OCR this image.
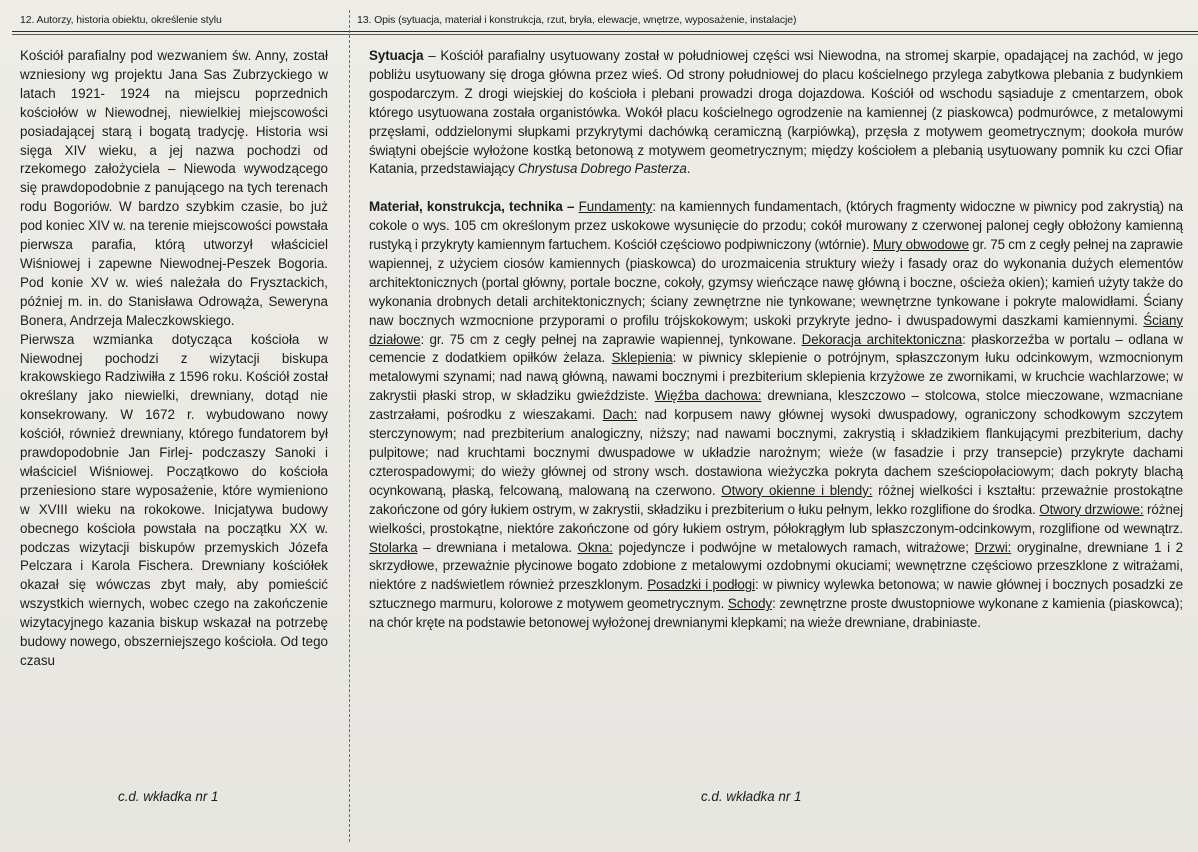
12. Autorzy, historia obiektu, określenie stylu	13. Opis (sytuacja, materiał i konstrukcja, rzut, bryła, elewacje, wnętrze, wyposażenie, instalacje)

Kościół parafialny pod wezwaniem św. Anny, został wzniesiony wg projektu Jana Sas Zubrzyckiego w latach 1921- 1924 na miejscu poprzednich kościołów w Niewodnej, niewielkiej miejscowości posiadającej starą i bogatą tradycję. Historia wsi sięga XIV wieku, a jej nazwa pochodzi od rzekomego założyciela – Niewoda wywodzącego się prawdopodobnie z panującego na tych terenach rodu Bogoriów. W bardzo szybkim czasie, bo już pod koniec XIV w. na terenie miejscowości powstała pierwsza parafia, którą utworzył właściciel Wiśniowej i zapewne Niewodnej-Peszek Bogoria. Pod konie XV w. wieś należała do Frysztackich, później m. in. do Stanisława Odrowąża, Seweryna Bonera, Andrzeja Maleczkowskiego.

Pierwsza wzmianka dotycząca kościoła w Niewodnej pochodzi z wizytacji biskupa krakowskiego Radziwiłła z 1596 roku. Kościół został określany jako niewielki, drewniany, dotąd nie konsekrowany. W 1672 r. wybudowano nowy kościół, również drewniany, którego fundatorem był prawdopodobnie Jan Firlej- podczaszy Sanoki i właściciel Wiśniowej. Początkowo do kościoła przeniesiono stare wyposażenie, które wymieniono w XVIII wieku na rokokowe. Inicjatywa budowy obecnego kościoła powstała na początku XX w. podczas wizytacji biskupów przemyskich Józefa Pelczara i Karola Fischera. Drewniany kościółek okazał się wówczas zbyt mały, aby pomieścić wszystkich wiernych, wobec czego na zakończenie wizytacyjnego kazania biskup wskazał na potrzebę budowy nowego, obszerniejszego kościoła. Od tego czasu

Sytuacja – Kościół parafialny usytuowany został w południowej części wsi Niewodna, na stromej skarpie, opadającej na zachód, w jego pobliżu usytuowany się droga główna przez wieś. Od strony południowej do placu kościelnego przylega zabytkowa plebania z budynkiem gospodarczym. Z drogi wiejskiej do kościoła i plebani prowadzi droga dojazdowa. Kościół od wschodu sąsiaduje z cmentarzem, obok którego usytuowana została organistówka. Wokół placu kościelnego ogrodzenie na kamiennej (z piaskowca) podmurówce, z metalowymi przęsłami, oddzielonymi słupkami przykrytymi dachówką ceramiczną (karpiówką), przęsła z motywem geometrycznym; dookoła murów świątyni obejście wyłożone kostką betonową z motywem geometrycznym; między kościołem a plebanią usytuowany pomnik ku czci Ofiar Katania, przedstawiający Chrystusa Dobrego Pasterza.

Materiał, konstrukcja, technika – Fundamenty: na kamiennych fundamentach, (których fragmenty widoczne w piwnicy pod zakrystią) na cokole o wys. 105 cm określonym przez uskokowe wysunięcie do przodu; cokół murowany z czerwonej palonej cegły obłożony kamienną rustyką i przykryty kamiennym fartuchem. Kościół częściowo podpiwniczony (wtórnie). Mury obwodowe gr. 75 cm z cegły pełnej na zaprawie wapiennej, z użyciem ciosów kamiennych (piaskowca) do urozmaicenia struktury wieży i fasady oraz do wykonania dużych elementów architektonicznych (portal główny, portale boczne, cokoły, gzymsy wieńczące nawę główną i boczne, ościeża okien); kamień użyty także do wykonania drobnych detali architektonicznych; ściany zewnętrzne nie tynkowane; wewnętrzne tynkowane i pokryte malowidłami. Ściany naw bocznych wzmocnione przyporami o profilu trójskokowym; uskoki przykryte jedno- i dwuspadowymi daszkami kamiennymi. Ściany działowe: gr. 75 cm z cegły pełnej na zaprawie wapiennej, tynkowane. Dekoracja architektoniczna: płaskorzeźba w portalu – odlana w cemencie z dodatkiem opiłków żelaza. Sklepienia: w piwnicy sklepienie o potrójnym, spłaszczonym łuku odcinkowym, wzmocnionym metalowymi szynami; nad nawą główną, nawami bocznymi i prezbiterium sklepienia krzyżowe ze zwornikami, w kruchcie wachlarzowe; w zakrystii płaski strop, w składziku gwieździste. Więźba dachowa: drewniana, kleszczowo – stolcowa, stolce mieczowane, wzmacniane zastrzałami, pośrodku z wieszakami. Dach: nad korpusem nawy głównej wysoki dwuspadowy, ograniczony schodkowym szczytem sterczynowym; nad prezbiterium analogiczny, niższy; nad nawami bocznymi, zakrystią i składzikiem flankującymi prezbiterium, dachy pulpitowe; nad kruchtami bocznymi dwuspadowe w układzie narożnym; wieże (w fasadzie i przy transepcie) przykryte dachami czterospadowymi; do wieży głównej od strony wsch. dostawiona wieżyczka pokryta dachem sześciopołaciowym; dach pokryty blachą ocynkowaną, płaską, felcowaną, malowaną na czerwono. Otwory okienne i blendy: różnej wielkości i kształtu: przeważnie prostokątne zakończone od góry łukiem ostrym, w zakrystii, składziku i prezbiterium o łuku pełnym, lekko rozglifione do środka. Otwory drzwiowe: różnej wielkości, prostokątne, niektóre zakończone od góry łukiem ostrym, półokrągłym lub spłaszczonym-odcinkowym, rozglifione od wewnątrz. Stolarka – drewniana i metalowa. Okna: pojedyncze i podwójne w metalowych ramach, witrażowe; Drzwi: oryginalne, drewniane 1 i 2 skrzydłowe, przeważnie płycinowe bogato zdobione z metalowymi ozdobnymi okuciami; wewnętrzne częściowo przeszklone z witrażami, niektóre z nadświetlem również przeszklonym. Posadzki i podłogi: w piwnicy wylewka betonowa; w nawie głównej i bocznych posadzki ze sztucznego marmuru, kolorowe z motywem geometrycznym. Schody: zewnętrzne proste dwustopniowe wykonane z kamienia (piaskowca); na chór kręte na podstawie betonowej wyłożonej drewnianymi klepkami; na wieże drewniane, drabiniaste.

c.d. wkładka nr 1	c.d. wkładka nr 1
